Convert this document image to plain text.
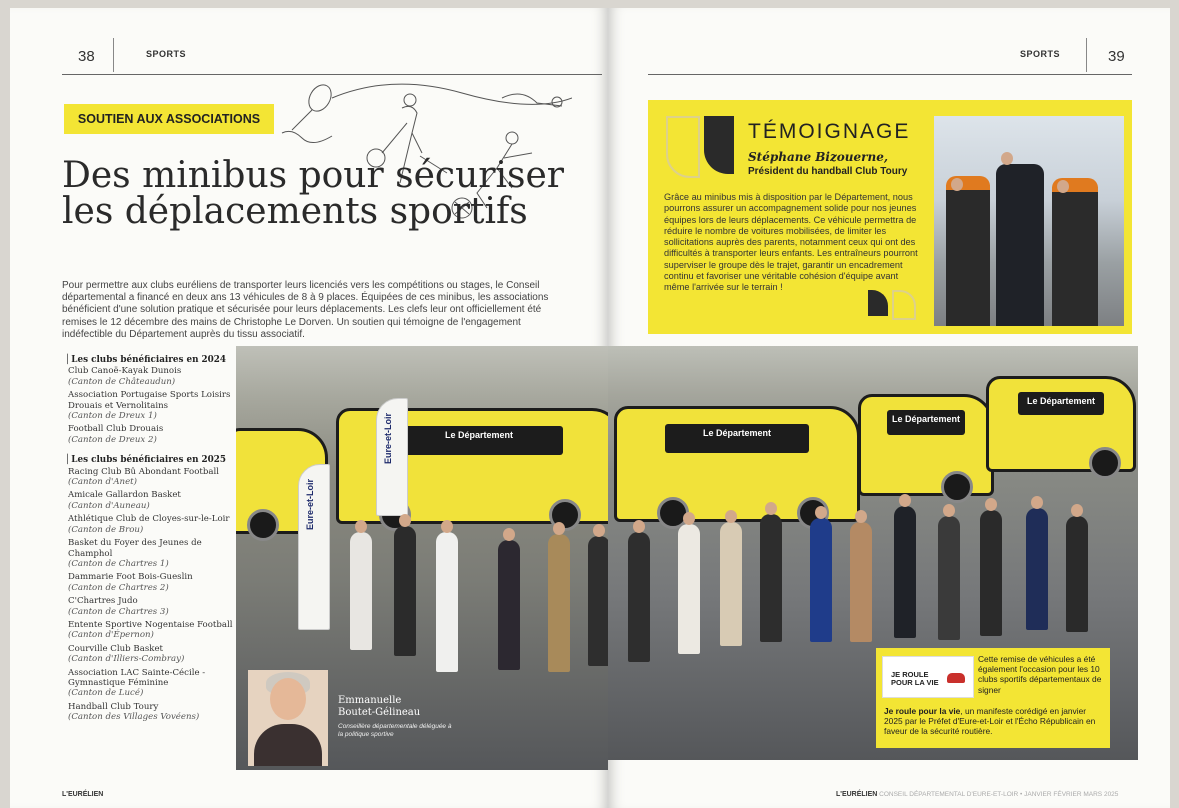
38	SPORTS
SOUTIEN AUX ASSOCIATIONS
Des minibus pour sécuriser les déplacements sportifs

Pour permettre aux clubs euréliens de transporter leurs licenciés vers les compétitions ou stages, le Conseil départemental a financé en deux ans 13 véhicules de 8 à 9 places. Équipées de ces minibus, les associations bénéficient d'une solution pratique et sécurisée pour leurs déplacements. Les clefs leur ont officiellement été remises le 12 décembre des mains de Christophe Le Dorven. Un soutien qui témoigne de l'engagement indéfectible du Département auprès du tissu associatif.

│ Les clubs bénéficiaires en 2024
Club Canoë-Kayak Dunois
(Canton de Châteaudun)
Association Portugaise Sports Loisirs Drouais et Vernolitains
(Canton de Dreux 1)
Football Club Drouais
(Canton de Dreux 2)
│ Les clubs bénéficiaires en 2025
Racing Club Bû Abondant Football
(Canton d'Anet)
Amicale Gallardon Basket
(Canton d'Auneau)
Athlétique Club de Cloyes-sur-le-Loir
(Canton de Brou)
Basket du Foyer des Jeunes de Champhol
(Canton de Chartres 1)
Dammarie Foot Bois-Gueslin
(Canton de Chartres 2)
C'Chartres Judo
(Canton de Chartres 3)
Entente Sportive Nogentaise Football
(Canton d'Épernon)
Courville Club Basket
(Canton d'Illiers-Combray)
Association LAC Sainte-Cécile - Gymnastique Féminine
(Canton de Lucé)
Handball Club Toury
(Canton des Villages Vovéens)
Le Département
Eure-et-Loir
Eure-et-Loir
Emmanuelle Boutet-Gélineau
Conseillère départementale déléguée à la politique sportive
L'EURÉLIEN
SPORTS	39
TÉMOIGNAGE
Stéphane Bizouerne,
Président du handball Club Toury

Grâce au minibus mis à disposition par le Département, nous pourrons assurer un accompagnement solide pour nos jeunes équipes lors de leurs déplacements. Ce véhicule permettra de réduire le nombre de voitures mobilisées, de limiter les sollicitations auprès des parents, notamment ceux qui ont des difficultés à transporter leurs enfants. Les entraîneurs pourront superviser le groupe dès le trajet, garantir un encadrement continu et favoriser une véritable cohésion d'équipe avant même l'arrivée sur le terrain !

Le Département
Le Département
Le Département
JE ROULE POUR LA VIE

Cette remise de véhicules a été également l'occasion pour les 10 clubs sportifs départementaux de signer

Je roule pour la vie, un manifeste corédigé en janvier 2025 par le Préfet d'Eure-et-Loir et l'Écho Républicain en faveur de la sécurité routière.

L'EURÉLIEN CONSEIL DÉPARTEMENTAL D'EURE-ET-LOIR • JANVIER FÉVRIER MARS 2025
